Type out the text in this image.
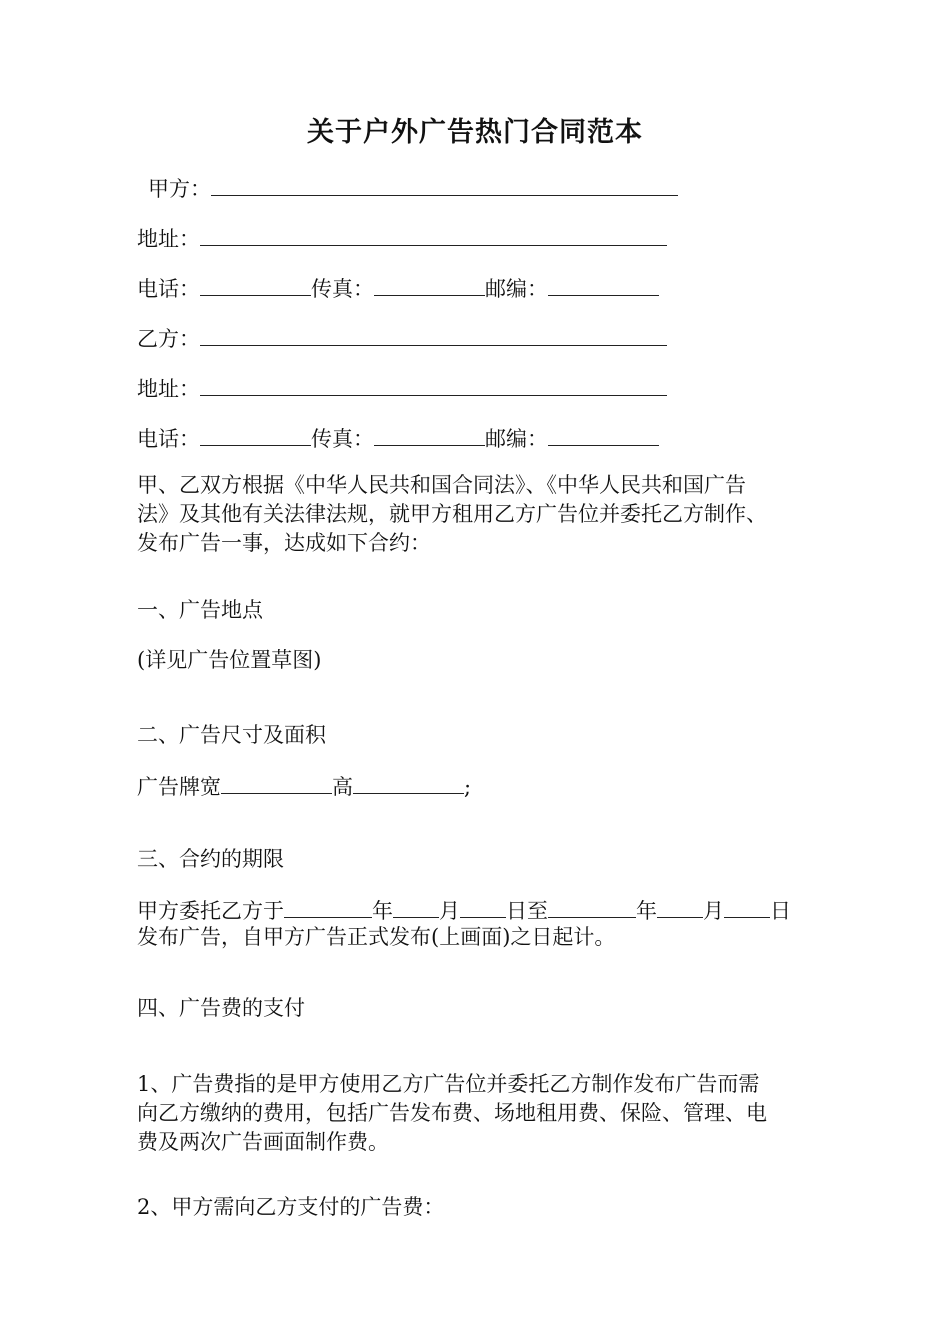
关于户外广告热门合同范本
甲方：
地址：
电话：	传真：	邮编：
乙方：
地址：
电话：	传真：	邮编：
甲、乙双方根据《中华人民共和国合同法》、《中华人民共和国广告
法》及其他有关法律法规，就甲方租用乙方广告位并委托乙方制作、
发布广告一事，达成如下合约：
一、广告地点
(详见广告位置草图)
二、广告尺寸及面积
广告牌宽	高	;
三、合约的期限
甲方委托乙方于	年 月 日至	年 月 日
发布广告，自甲方广告正式发布(上画面)之日起计。
四、广告费的支付
1、广告费指的是甲方使用乙方广告位并委托乙方制作发布广告而需
向乙方缴纳的费用，包括广告发布费、场地租用费、保险、管理、电
费及两次广告画面制作费。
2、甲方需向乙方支付的广告费：
